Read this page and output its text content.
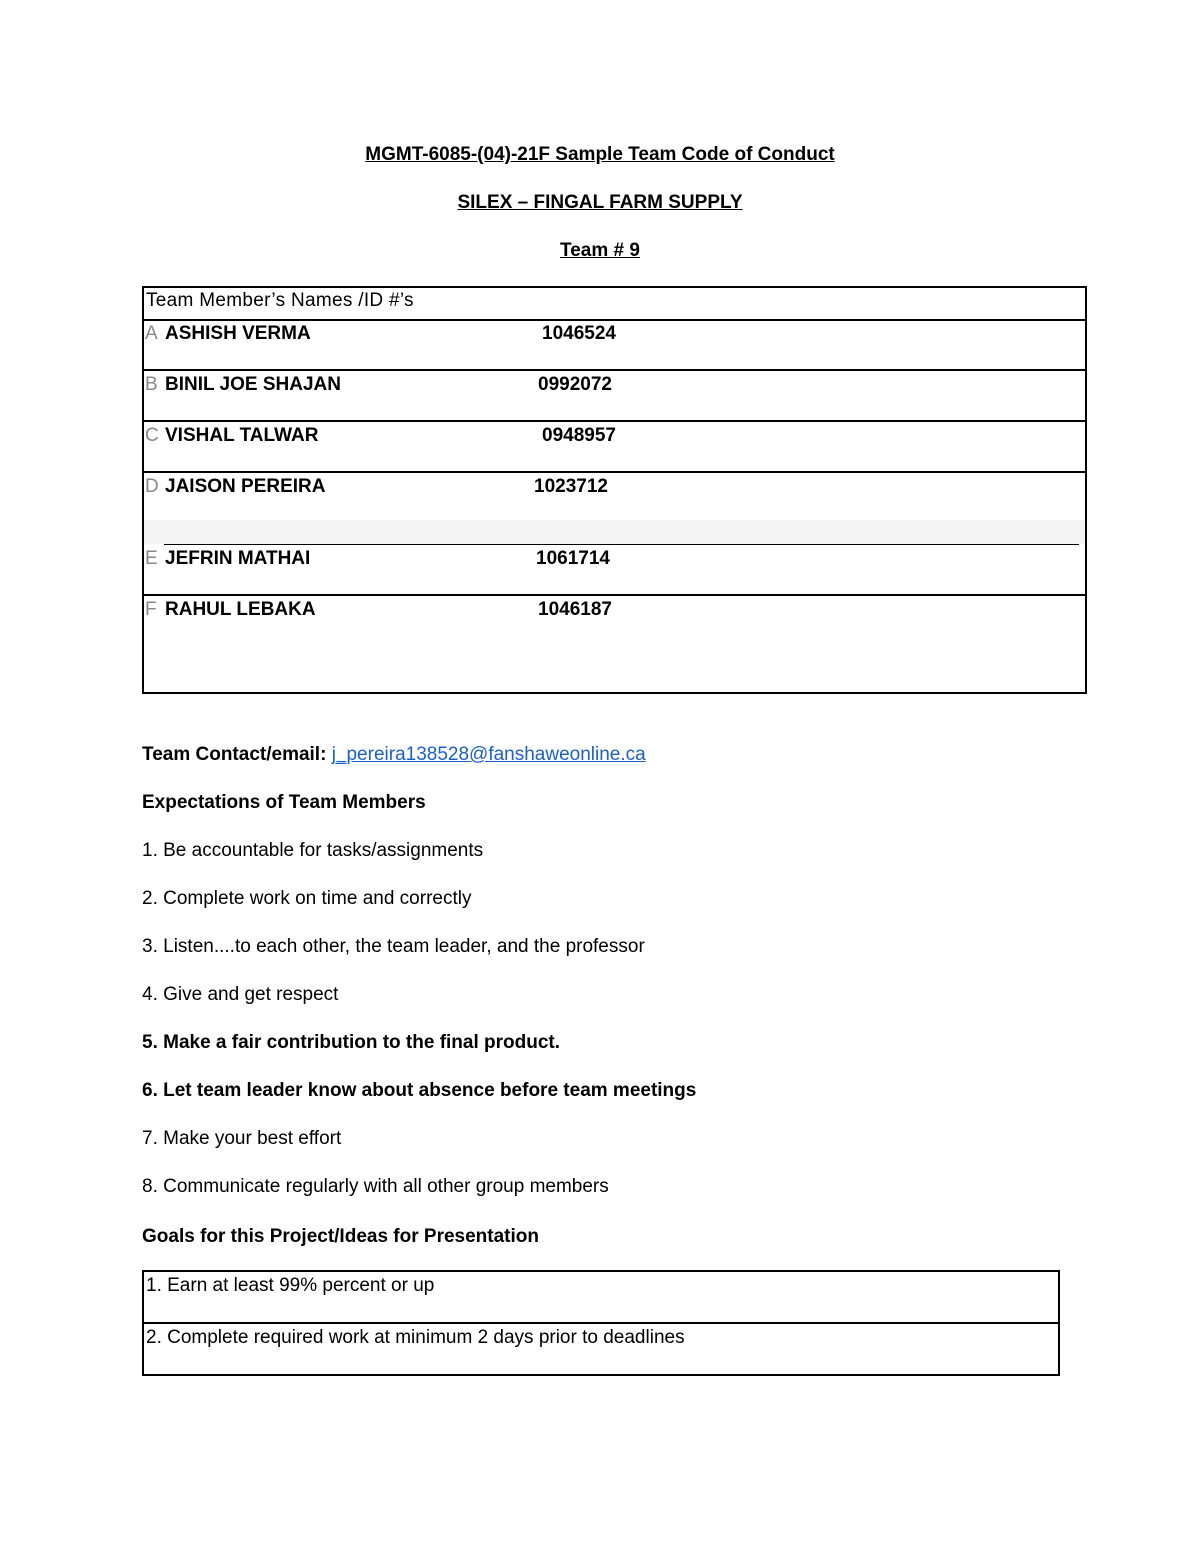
MGMT-6085-(04)-21F Sample Team Code of Conduct
SILEX – FINGAL FARM SUPPLY
Team # 9
Team Member’s Names /ID #’s
A ASHISH VERMA	1046524
B BINIL JOE SHAJAN	0992072
C VISHAL TALWAR	0948957
D JAISON PEREIRA	1023712
E JEFRIN MATHAI	1061714
F RAHUL LEBAKA	1046187
Team Contact/email: j_pereira138528@fanshaweonline.ca
Expectations of Team Members
1. Be accountable for tasks/assignments
2. Complete work on time and correctly
3. Listen....to each other, the team leader, and the professor
4. Give and get respect
5. Make a fair contribution to the final product.
6. Let team leader know about absence before team meetings
7. Make your best effort
8. Communicate regularly with all other group members
Goals for this Project/Ideas for Presentation
1. Earn at least 99% percent or up
2. Complete required work at minimum 2 days prior to deadlines
